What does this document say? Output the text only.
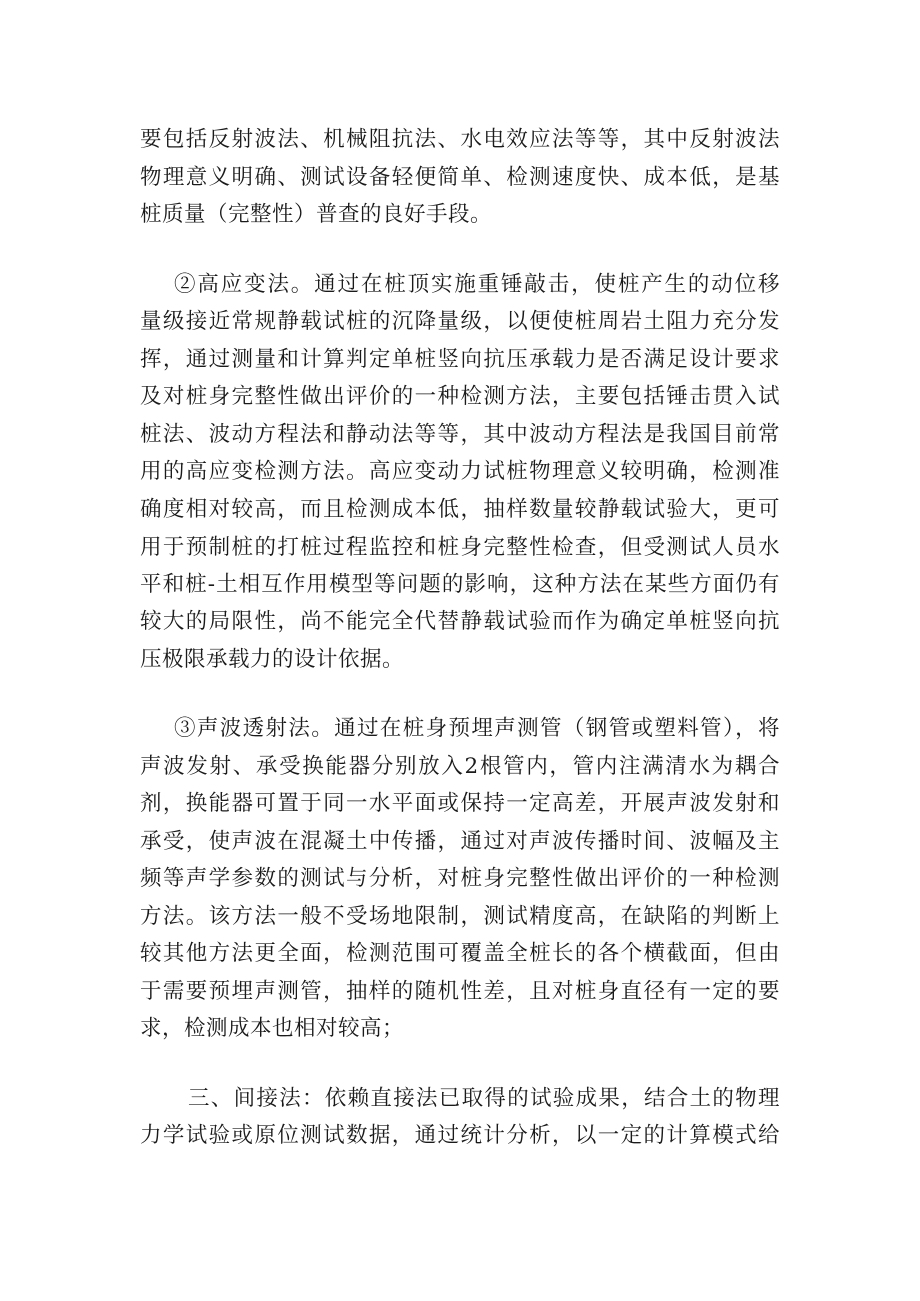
要包括反射波法、机械阻抗法、水电效应法等等，其中反射波法
物理意义明确、测试设备轻便简单、检测速度快、成本低，是基
桩质量（完整性）普查的良好手段。
②高应变法。通过在桩顶实施重锤敲击，使桩产生的动位移
量级接近常规静载试桩的沉降量级，以便使桩周岩土阻力充分发
挥，通过测量和计算判定单桩竖向抗压承载力是否满足设计要求
及对桩身完整性做出评价的一种检测方法，主要包括锤击贯入试
桩法、波动方程法和静动法等等，其中波动方程法是我国目前常
用的高应变检测方法。高应变动力试桩物理意义较明确，检测准
确度相对较高，而且检测成本低，抽样数量较静载试验大，更可
用于预制桩的打桩过程监控和桩身完整性检查，但受测试人员水
平和桩-土相互作用模型等问题的影响，这种方法在某些方面仍有
较大的局限性，尚不能完全代替静载试验而作为确定单桩竖向抗
压极限承载力的设计依据。
③声波透射法。通过在桩身预埋声测管（钢管或塑料管），将
声波发射、承受换能器分别放入2根管内，管内注满清水为耦合
剂，换能器可置于同一水平面或保持一定高差，开展声波发射和
承受，使声波在混凝土中传播，通过对声波传播时间、波幅及主
频等声学参数的测试与分析，对桩身完整性做出评价的一种检测
方法。该方法一般不受场地限制，测试精度高，在缺陷的判断上
较其他方法更全面，检测范围可覆盖全桩长的各个横截面，但由
于需要预埋声测管，抽样的随机性差，且对桩身直径有一定的要
求，检测成本也相对较高；
三、间接法：依赖直接法已取得的试验成果，结合土的物理
力学试验或原位测试数据，通过统计分析，以一定的计算模式给
